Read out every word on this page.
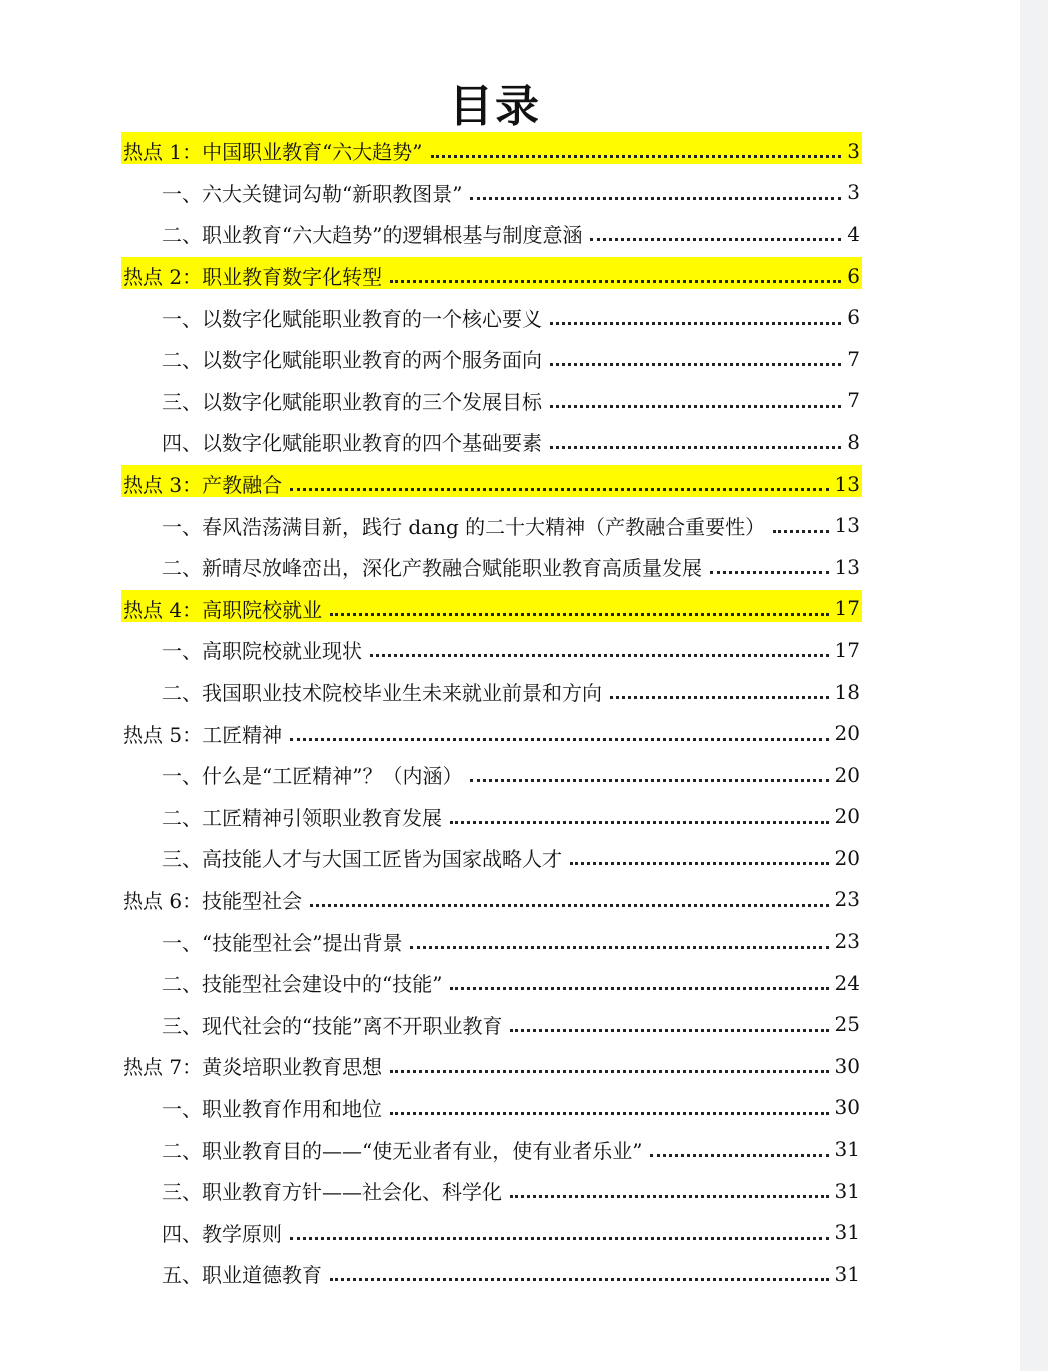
目录
热点 1：中国职业教育“六大趋势”	3
一、六大关键词勾勒“新职教图景”	3
二、职业教育“六大趋势”的逻辑根基与制度意涵	4
热点 2：职业教育数字化转型	6
一、以数字化赋能职业教育的一个核心要义	6
二、以数字化赋能职业教育的两个服务面向	7
三、以数字化赋能职业教育的三个发展目标	7
四、以数字化赋能职业教育的四个基础要素	8
热点 3：产教融合	13
一、春风浩荡满目新，践行 dang 的二十大精神（产教融合重要性）	13
二、新晴尽放峰峦出，深化产教融合赋能职业教育高质量发展	13
热点 4：高职院校就业	17
一、高职院校就业现状	17
二、我国职业技术院校毕业生未来就业前景和方向	18
热点 5：工匠精神	20
一、什么是“工匠精神”？（内涵）	20
二、工匠精神引领职业教育发展	20
三、高技能人才与大国工匠皆为国家战略人才	20
热点 6：技能型社会	23
一、“技能型社会”提出背景	23
二、技能型社会建设中的“技能”	24
三、现代社会的“技能”离不开职业教育	25
热点 7：黄炎培职业教育思想	30
一、职业教育作用和地位	30
二、职业教育目的——“使无业者有业，使有业者乐业”	31
三、职业教育方针——社会化、科学化	31
四、教学原则	31
五、职业道德教育	31
